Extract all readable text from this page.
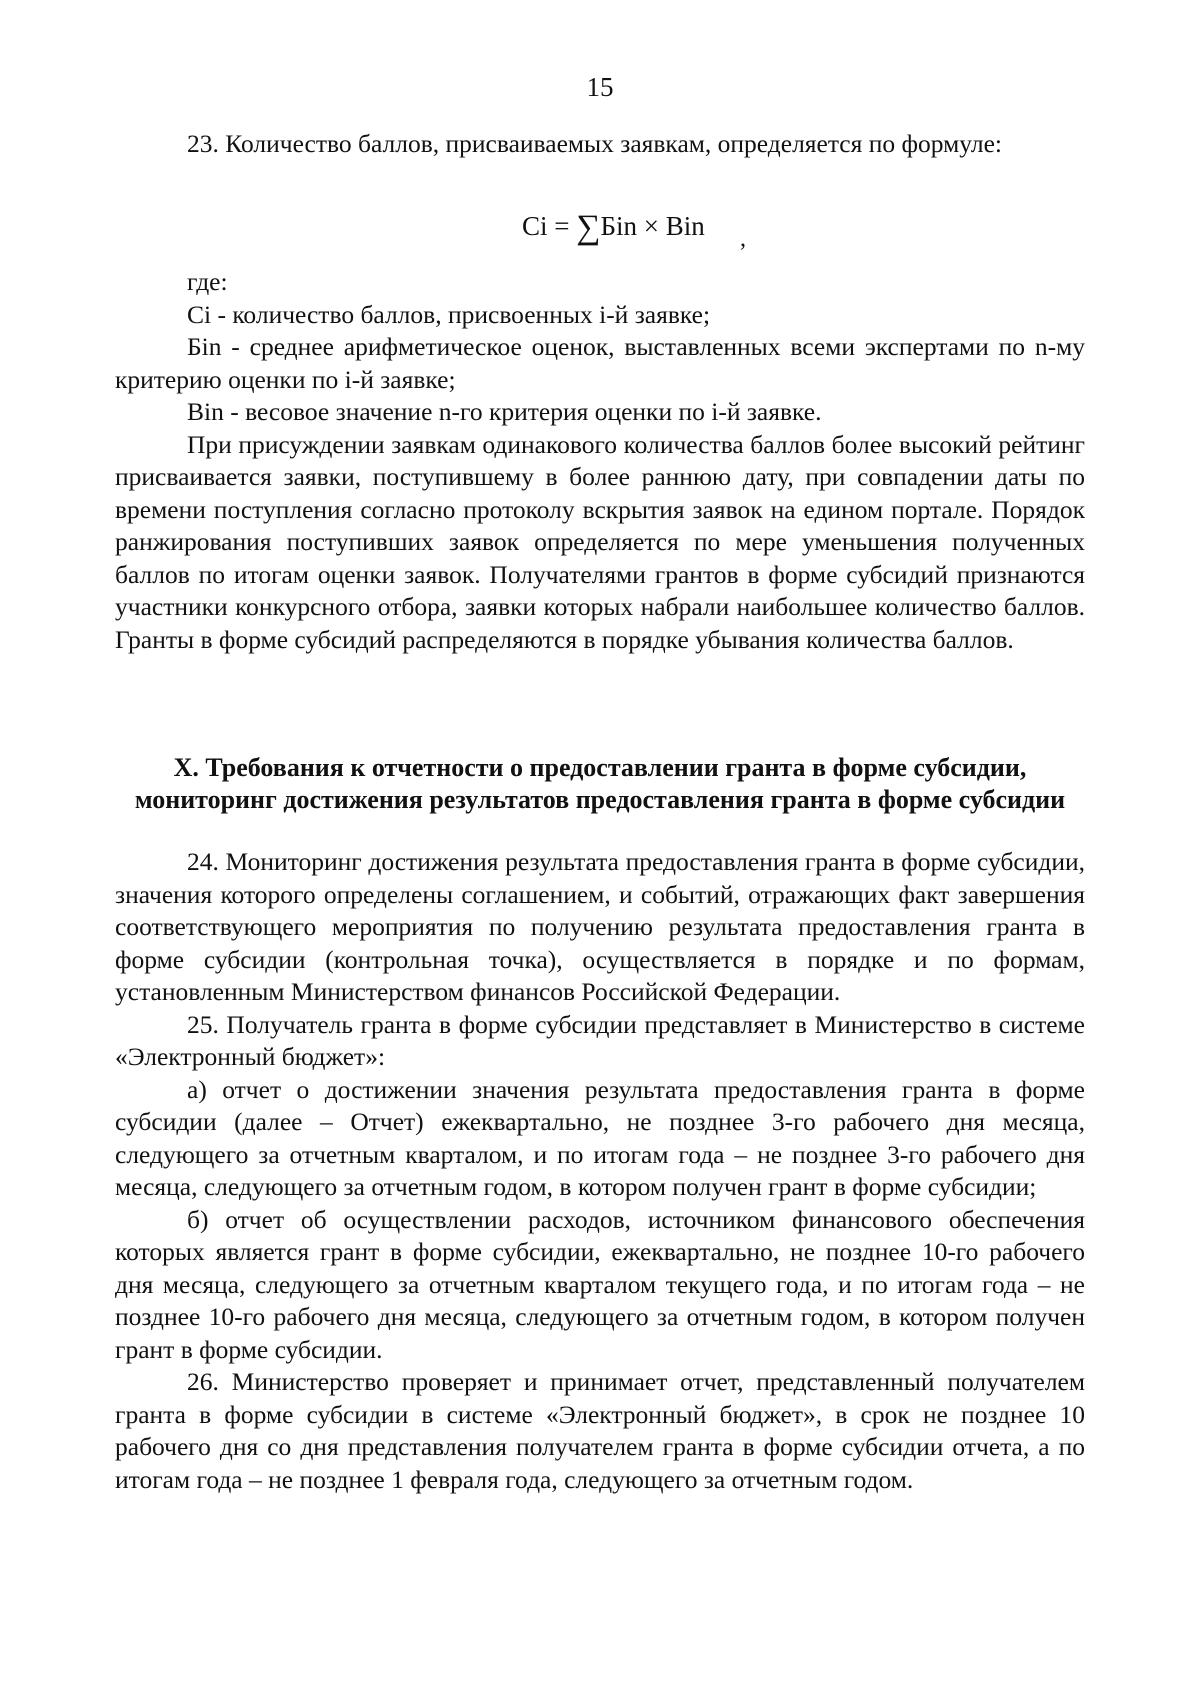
15

23. Количество баллов, присваиваемых заявкам, определяется по формуле:

Ci = ∑Бin × Вin ,

где:

Ci - количество баллов, присвоенных i-й заявке;

Бin - среднее арифметическое оценок, выставленных всеми экспертами по n-му критерию оценки по i-й заявке;

Вin - весовое значение n-го критерия оценки по i-й заявке.

При присуждении заявкам одинакового количества баллов более высокий рейтинг присваивается заявки, поступившему в более раннюю дату, при совпадении даты по времени поступления согласно протоколу вскрытия заявок на едином портале. Порядок ранжирования поступивших заявок определяется по мере уменьшения полученных баллов по итогам оценки заявок. Получателями грантов в форме субсидий признаются участники конкурсного отбора, заявки которых набрали наибольшее количество баллов. Гранты в форме субсидий распределяются в порядке убывания количества баллов.

X. Требования к отчетности о предоставлении гранта в форме субсидии,
мониторинг достижения результатов предоставления гранта в форме субсидии

24. Мониторинг достижения результата предоставления гранта в форме субсидии, значения которого определены соглашением, и событий, отражающих факт завершения соответствующего мероприятия по получению результата предоставления гранта в форме субсидии (контрольная точка), осуществляется в порядке и по формам, установленным Министерством финансов Российской Федерации.

25. Получатель гранта в форме субсидии представляет в Министерство в системе «Электронный бюджет»:

а) отчет о достижении значения результата предоставления гранта в форме субсидии (далее – Отчет) ежеквартально, не позднее 3-го рабочего дня месяца, следующего за отчетным кварталом, и по итогам года – не позднее 3-го рабочего дня месяца, следующего за отчетным годом, в котором получен грант в форме субсидии;

б) отчет об осуществлении расходов, источником финансового обеспечения которых является грант в форме субсидии, ежеквартально, не позднее 10-го рабочего дня месяца, следующего за отчетным кварталом текущего года, и по итогам года – не позднее 10-го рабочего дня месяца, следующего за отчетным годом, в котором получен грант в форме субсидии.

26. Министерство проверяет и принимает отчет, представленный получателем гранта в форме субсидии в системе «Электронный бюджет», в срок не позднее 10 рабочего дня со дня представления получателем гранта в форме субсидии отчета, а по итогам года – не позднее 1 февраля года, следующего за отчетным годом.
